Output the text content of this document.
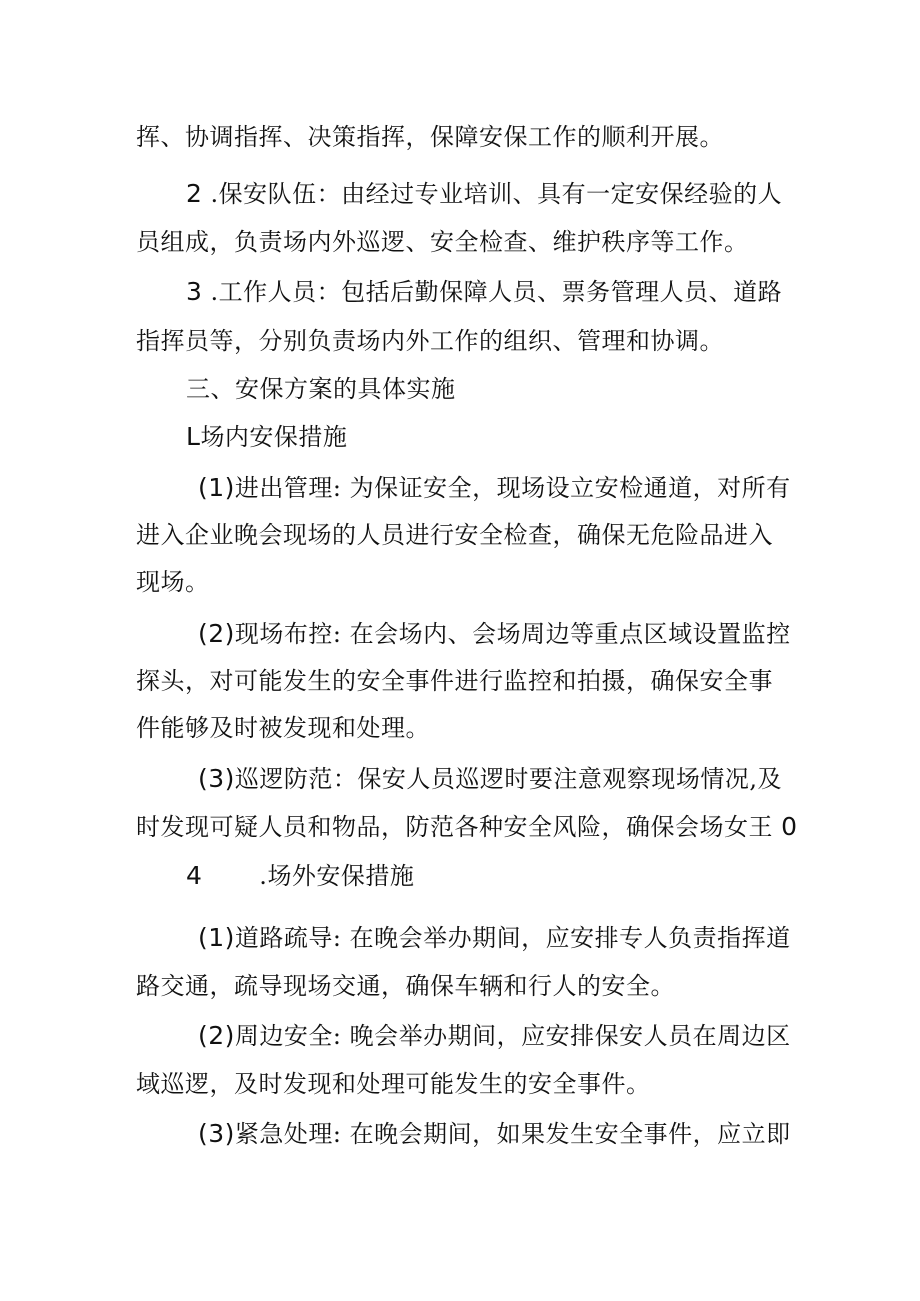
挥、协调指挥、决策指挥，保障安保工作的顺利开展。
2 .保安队伍：由经过专业培训、具有一定安保经验的人
员组成，负责场内外巡逻、安全检查、维护秩序等工作。
3 .工作人员：包括后勤保障人员、票务管理人员、道路
指挥员等，分别负责场内外工作的组织、管理和协调。
三、安保方案的具体实施
L场内安保措施
(1)进出管理: 为保证安全，现场设立安检通道，对所有
进入企业晚会现场的人员进行安全检查，确保无危险品进入
现场。
(2)现场布控: 在会场内、会场周边等重点区域设置监控
探头，对可能发生的安全事件进行监控和拍摄，确保安全事
件能够及时被发现和处理。
(3)巡逻防范：保安人员巡逻时要注意观察现场情况,及
时发现可疑人员和物品，防范各种安全风险，确保会场女王 0
4       .场外安保措施
(1)道路疏导: 在晚会举办期间，应安排专人负责指挥道
路交通，疏导现场交通，确保车辆和行人的安全。
(2)周边安全: 晚会举办期间，应安排保安人员在周边区
域巡逻，及时发现和处理可能发生的安全事件。
(3)紧急处理: 在晚会期间，如果发生安全事件，应立即
